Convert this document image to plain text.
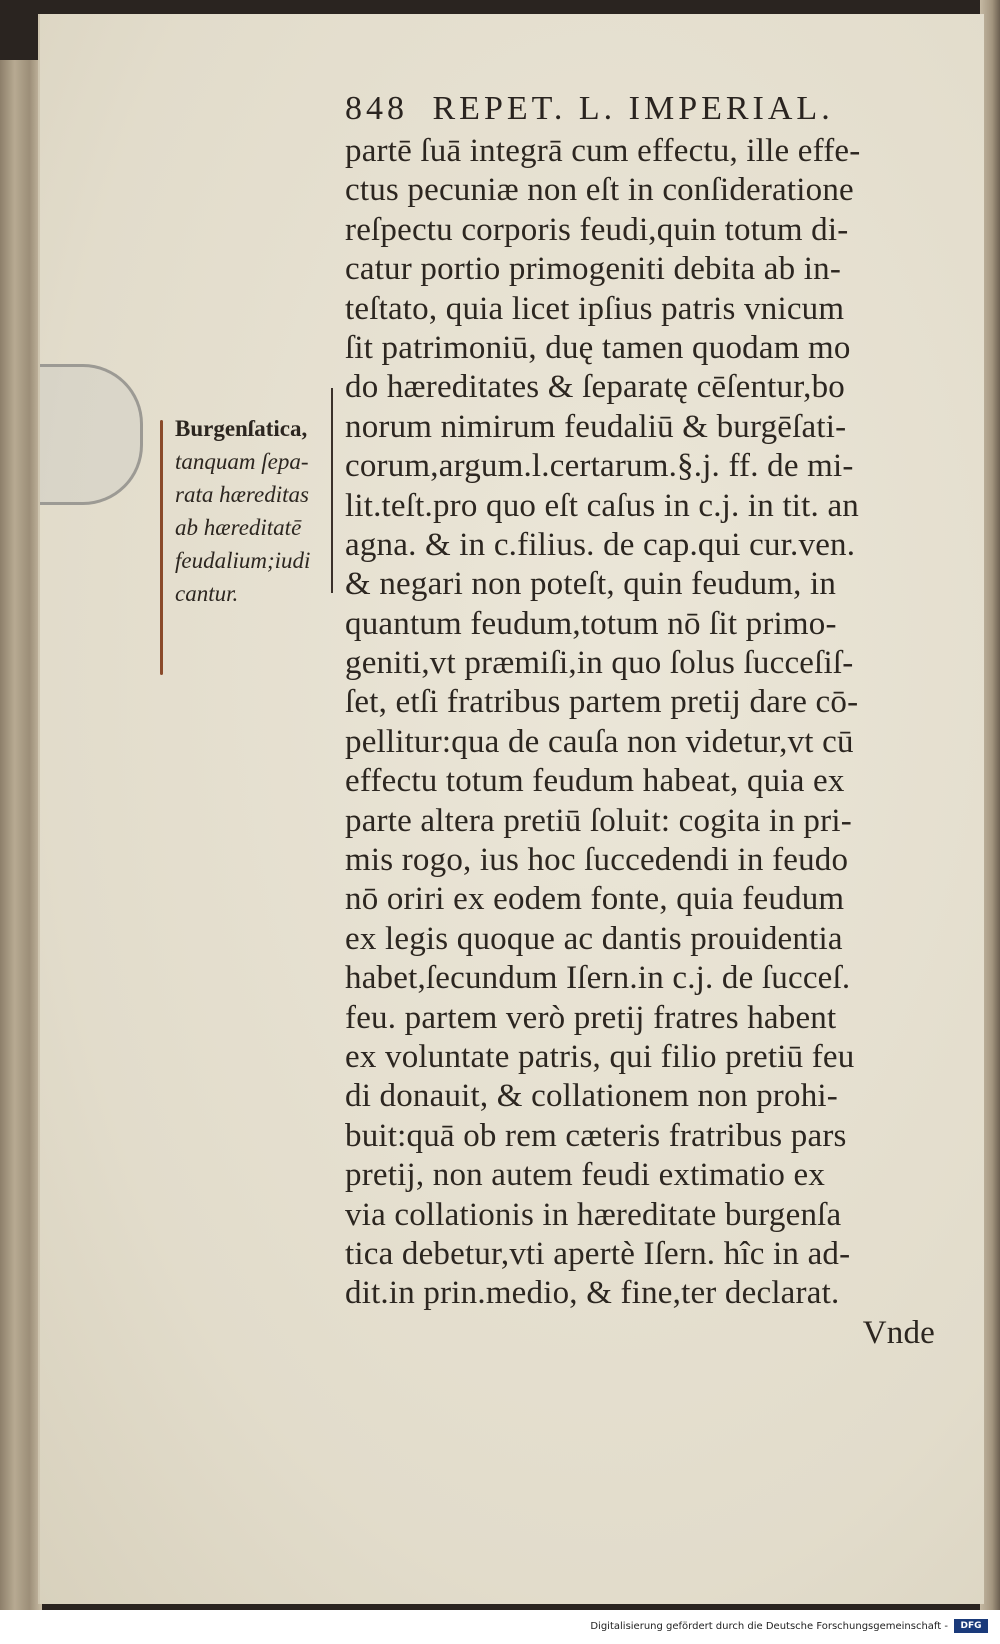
848 REPET. L. IMPERIAL.
Burgenſatica,
tanquam ſepa-
rata hæreditas
ab hæreditatē
feudalium;iudi
cantur.
partē ſuā integrā cum effectu, ille effe-
ctus pecuniæ non eſt in conſideratione
reſpectu corporis feudi,quin totum di-
catur portio primogeniti debita ab in-
teſtato, quia licet ipſius patris vnicum
ſit patrimoniū, duę tamen quodam mo
do hæreditates & ſeparatę cēſentur,bo
norum nimirum feudaliū & burgēſati-
corum,argum.l.certarum.§.j. ff. de mi-
lit.teſt.pro quo eſt caſus in c.j. in tit. an
agna. & in c.filius. de cap.qui cur.ven.
& negari non poteſt, quin feudum, in
quantum feudum,totum nō ſit primo-
geniti,vt præmiſi,in quo ſolus ſucceſiſ-
ſet, etſi fratribus partem pretij dare cō-
pellitur:qua de cauſa non videtur,vt cū
effectu totum feudum habeat, quia ex
parte altera pretiū ſoluit: cogita in pri-
mis rogo, ius hoc ſuccedendi in feudo
nō oriri ex eodem fonte, quia feudum
ex legis quoque ac dantis prouidentia
habet,ſecundum Iſern.in c.j. de ſucceſ.
feu. partem verò pretij fratres habent
ex voluntate patris, qui filio pretiū feu
di donauit, & collationem non prohi-
buit:quā ob rem cæteris fratribus pars
pretij, non autem feudi extimatio ex
via collationis in hæreditate burgenſa
tica debetur,vti apertè Iſern. hîc in ad-
dit.in prin.medio, & fine,ter declarat.
Vnde
Digitalisierung gefördert durch die Deutsche Forschungsgemeinschaft -	DFG
